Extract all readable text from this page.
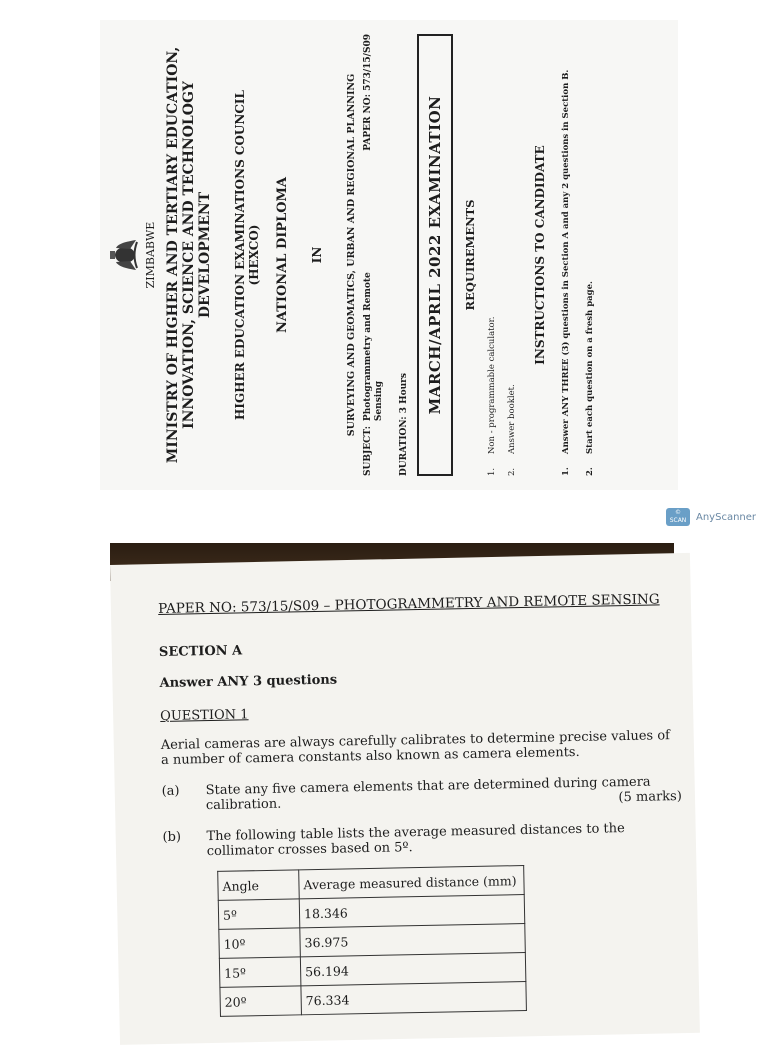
ZIMBABWE MINISTRY OF HIGHER AND TERTIARY EDUCATION, INNOVATION, SCIENCE AND TECHNOLOGY DEVELOPMENT HIGHER EDUCATION EXAMINATIONS COUNCIL (HEXCO) NATIONAL DIPLOMA IN SURVEYING AND GEOMATICS, URBAN AND REGIONAL PLANNING
SUBJECT:
Photogrammetry and Remote
Sensing
PAPER NO: 573/15/S09
DURATION: 3 Hours
MARCH/APRIL 2022 EXAMINATION	REQUIREMENTS
1.
Non - programmable calculator.
2.
Answer booklet.
INSTRUCTIONS TO CANDIDATE
1.
Answer ANY THREE (3) questions in Section A and any 2 questions in Section B.
2.
Start each question on a fresh page.
©
SCAN AnyScanner
PAPER NO: 573/15/S09 – PHOTOGRAMMETRY AND REMOTE SENSING
SECTION A
Answer ANY 3 questions
QUESTION 1
Aerial cameras are always carefully calibrates to determine precise values of a number of camera constants also known as camera elements.
(a)	State any five camera elements that are determined during camera calibration.	(5 marks)
(b)	The following table lists the average measured distances to the collimator crosses based on 5º.
Angle	Average measured distance (mm)
5º	18.346
10º	36.975
15º	56.194
20º	76.334
